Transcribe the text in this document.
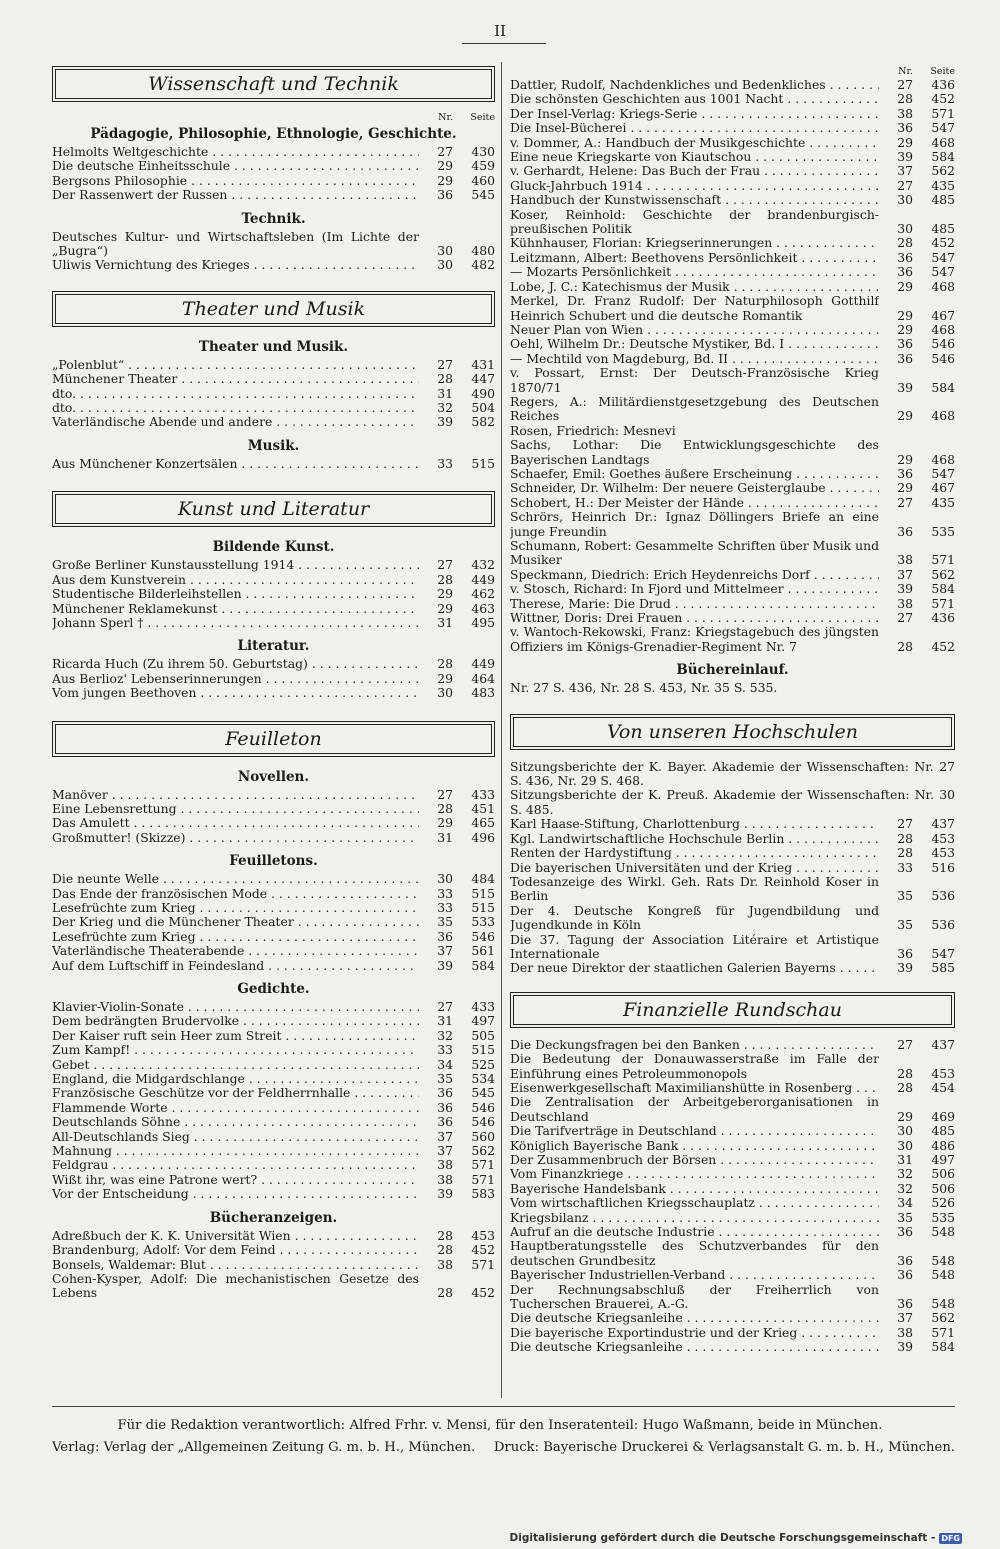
II
Wissenschaft und Technik
Nr.	Seite
Pädagogie, Philosophie, Ethnologie, Geschichte.
Helmolts Weltgeschichte . . .	27	430
Die deutsche Einheitsschule . . .	29	459
Bergsons Philosophie . . .	29	460
Der Rassenwert der Russen . . .	36	545
Technik.
Deutsches Kultur- und Wirtschaftsleben (Im Lichte der „Bugra“)	30	480
Uliwis Vernichtung des Krieges . . .	30	482
Theater und Musik
Theater und Musik.
„Polenblut“ . . .	27	431
Münchener Theater . . .	28	447
dto. . . .	31	490
dto. . . .	32	504
Vaterländische Abende und andere . . .	39	582
Musik.
Aus Münchener Konzertsälen . . .	33	515
Kunst und Literatur
Bildende Kunst.
Große Berliner Kunstausstellung 1914 . . .	27	432
Aus dem Kunstverein . . .	28	449
Studentische Bilderleihstellen . . .	29	462
Münchener Reklamekunst . . .	29	463
Johann Sperl † . . .	31	495
Literatur.
Ricarda Huch (Zu ihrem 50. Geburtstag) . . .	28	449
Aus Berlioz' Lebenserinnerungen . . .	29	464
Vom jungen Beethoven . . .	30	483
Feuilleton
Novellen.
Manöver . . .	27	433
Eine Lebensrettung . . .	28	451
Das Amulett . . .	29	465
Großmutter! (Skizze) . . .	31	496
Feuilletons.
Die neunte Welle . . .	30	484
Das Ende der französischen Mode . . .	33	515
Lesefrüchte zum Krieg . . .	33	515
Der Krieg und die Münchener Theater . . .	35	533
Lesefrüchte zum Krieg . . .	36	546
Vaterländische Theaterabende . . .	37	561
Auf dem Luftschiff in Feindesland . . .	39	584
Gedichte.
Klavier-Violin-Sonate . . .	27	433
Dem bedrängten Brudervolke . . .	31	497
Der Kaiser ruft sein Heer zum Streit . . .	32	505
Zum Kampf! . . .	33	515
Gebet . . .	34	525
England, die Midgardschlange . . .	35	534
Französische Geschütze vor der Feldherrnhalle . . .	36	545
Flammende Worte . . .	36	546
Deutschlands Söhne . . .	36	546
All-Deutschlands Sieg . . .	37	560
Mahnung . . .	37	562
Feldgrau . . .	38	571
Wißt ihr, was eine Patrone wert? . . .	38	571
Vor der Entscheidung . . .	39	583
Bücheranzeigen.
Adreßbuch der K. K. Universität Wien . . .	28	453
Brandenburg, Adolf: Vor dem Feind . . .	28	452
Bonsels, Waldemar: Blut . . .	38	571
Cohen-Kysper, Adolf: Die mechanistischen Gesetze des Lebens	28	452
Nr.	Seite
Dattler, Rudolf, Nachdenkliches und Bedenkliches . . .	27	436
Die schönsten Geschichten aus 1001 Nacht . . .	28	452
Der Insel-Verlag: Kriegs-Serie . . .	38	571
Die Insel-Bücherei . . .	36	547
v. Dommer, A.: Handbuch der Musikgeschichte . . .	29	468
Eine neue Kriegskarte von Kiautschou . . .	39	584
v. Gerhardt, Helene: Das Buch der Frau . . .	37	562
Gluck-Jahrbuch 1914 . . .	27	435
Handbuch der Kunstwissenschaft . . .	30	485
Koser, Reinhold: Geschichte der brandenburgisch-preußischen Politik	30	485
Kühnhauser, Florian: Kriegserinnerungen . . .	28	452
Leitzmann, Albert: Beethovens Persönlichkeit . . .	36	547
— Mozarts Persönlichkeit . . .	36	547
Lobe, J. C.: Katechismus der Musik . . .	29	468
Merkel, Dr. Franz Rudolf: Der Naturphilosoph Gotthilf Heinrich Schubert und die deutsche Romantik	29	467
Neuer Plan von Wien . . .	29	468
Oehl, Wilhelm Dr.: Deutsche Mystiker, Bd. I . . .	36	546
— Mechtild von Magdeburg, Bd. II . . .	36	546
v. Possart, Ernst: Der Deutsch-Französische Krieg 1870/71	39	584
Regers, A.: Militärdienstgesetzgebung des Deutschen Reiches	29	468
Rosen, Friedrich: Mesnevi
Sachs, Lothar: Die Entwicklungsgeschichte des Bayerischen Landtags	29	468
Schaefer, Emil: Goethes äußere Erscheinung . . .	36	547
Schneider, Dr. Wilhelm: Der neuere Geisterglaube . . .	29	467
Schobert, H.: Der Meister der Hände . . .	27	435
Schrörs, Heinrich Dr.: Ignaz Döllingers Briefe an eine junge Freundin	36	535
Schumann, Robert: Gesammelte Schriften über Musik und Musiker	38	571
Speckmann, Diedrich: Erich Heydenreichs Dorf . . .	37	562
v. Stosch, Richard: In Fjord und Mittelmeer . . .	39	584
Therese, Marie: Die Drud . . .	38	571
Wittner, Doris: Drei Frauen . . .	27	436
v. Wantoch-Rekowski, Franz: Kriegstagebuch des jüngsten Offiziers im Königs-Grenadier-Regiment Nr. 7	28	452
Büchereinlauf.
Nr. 27 S. 436, Nr. 28 S. 453, Nr. 35 S. 535.
Von unseren Hochschulen
Sitzungsberichte der K. Bayer. Akademie der Wissenschaften: Nr. 27 S. 436, Nr. 29 S. 468.
Sitzungsberichte der K. Preuß. Akademie der Wissenschaften: Nr. 30 S. 485.
Karl Haase-Stiftung, Charlottenburg . . .	27	437
Kgl. Landwirtschaftliche Hochschule Berlin . . .	28	453
Renten der Hardystiftung . . .	28	453
Die bayerischen Universitäten und der Krieg . . .	33	516
Todesanzeige des Wirkl. Geh. Rats Dr. Reinhold Koser in Berlin	35	536
Der 4. Deutsche Kongreß für Jugendbildung und Jugendkunde in Köln	35	536
Die 37. Tagung der Association Litéraire et Artistique Internationale	36	547
Der neue Direktor der staatlichen Galerien Bayerns . . .	39	585
Finanzielle Rundschau
Die Deckungsfragen bei den Banken . . .	27	437
Die Bedeutung der Donauwasserstraße im Falle der Einführung eines Petroleummonopols	28	453
Eisenwerkgesellschaft Maximilianshütte in Rosenberg . . .	28	454
Die Zentralisation der Arbeitgeberorganisationen in Deutschland	29	469
Die Tarifverträge in Deutschland . . .	30	485
Königlich Bayerische Bank . . .	30	486
Der Zusammenbruch der Börsen . . .	31	497
Vom Finanzkriege . . .	32	506
Bayerische Handelsbank . . .	32	506
Vom wirtschaftlichen Kriegsschauplatz . . .	34	526
Kriegsbilanz . . .	35	535
Aufruf an die deutsche Industrie . . .	36	548
Hauptberatungsstelle des Schutzverbandes für den deutschen Grundbesitz	36	548
Bayerischer Industriellen-Verband . . .	36	548
Der Rechnungsabschluß der Freiherrlich von Tucherschen Brauerei, A.-G.	36	548
Die deutsche Kriegsanleihe . . .	37	562
Die bayerische Exportindustrie und der Krieg . . .	38	571
Die deutsche Kriegsanleihe . . .	39	584
Für die Redaktion verantwortlich: Alfred Frhr. v. Mensi, für den Inseratenteil: Hugo Waßmann, beide in München.
Verlag: Verlag der „Allgemeinen Zeitung G. m. b. H., München. Druck: Bayerische Druckerei & Verlagsanstalt G. m. b. H., München.
Digitalisierung gefördert durch die Deutsche Forschungsgemeinschaft - DFG
